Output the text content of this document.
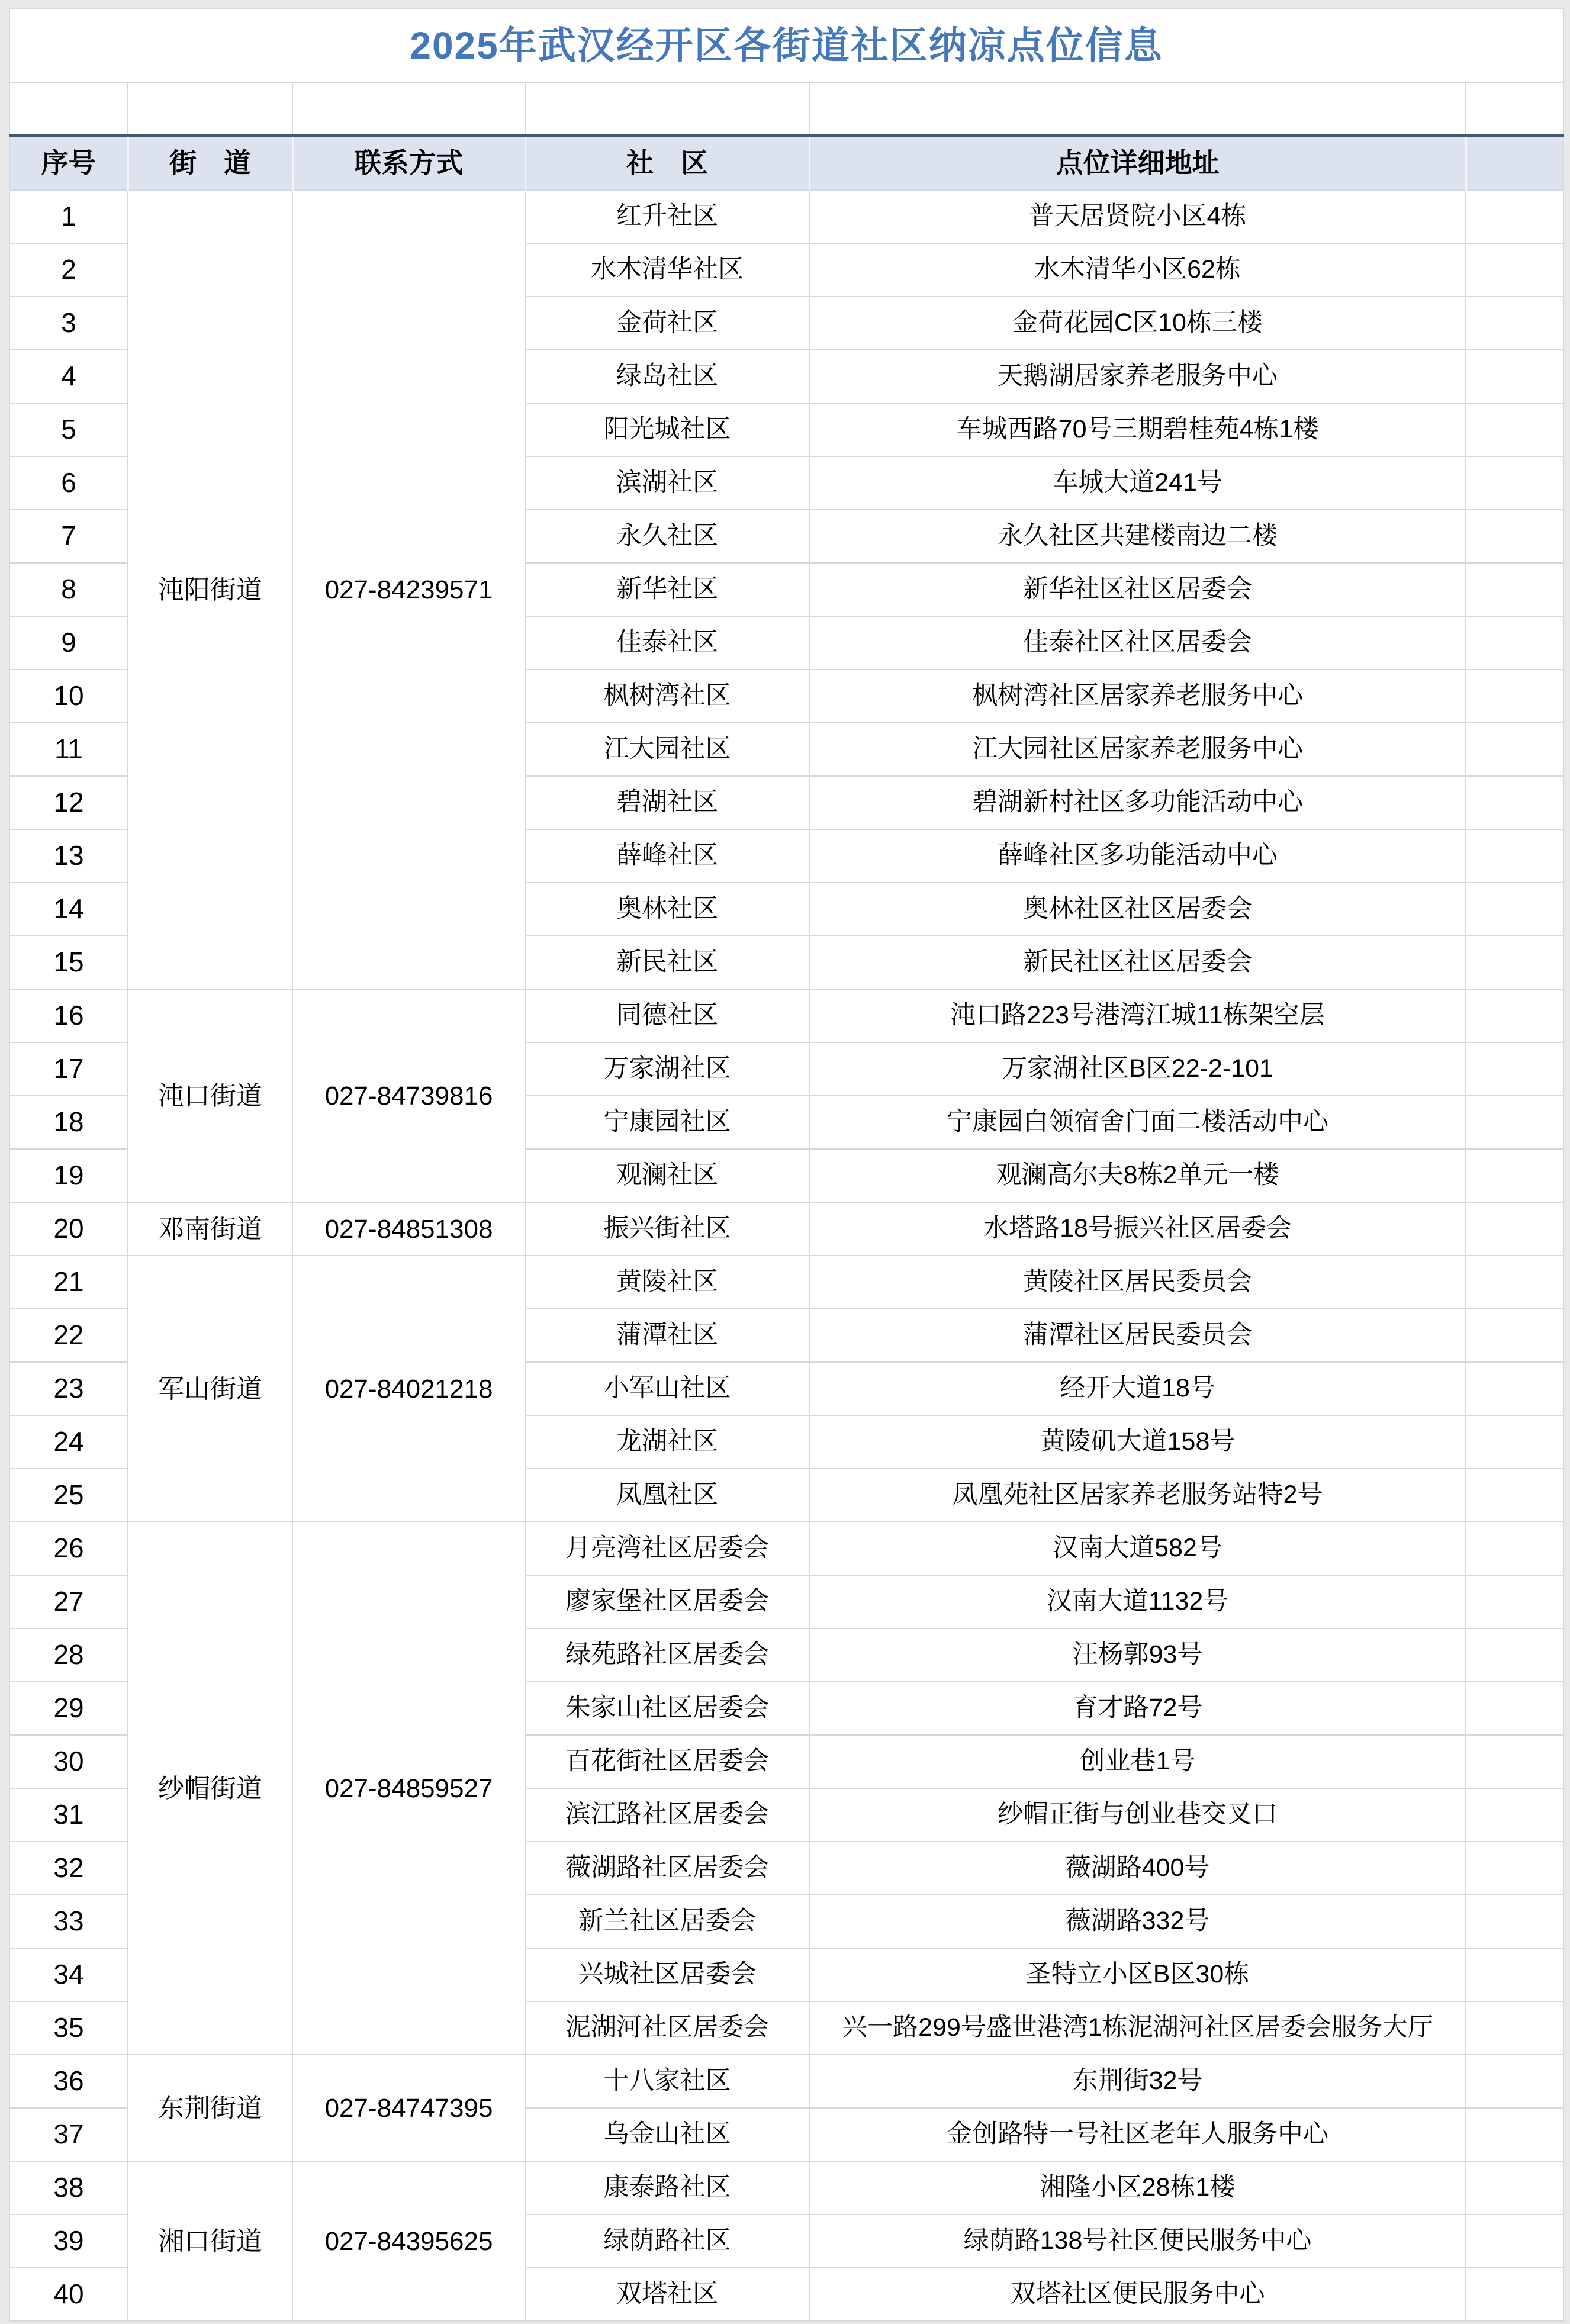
2025年武汉经开区各街道社区纳凉点位信息					

序号	街　道	联系方式	社　区	点位详细地址	
1	沌阳街道	027-84239571	红升社区	普天居贤院小区4栋	
2			水木清华社区	水木清华小区62栋	
3			金荷社区	金荷花园C区10栋三楼	
4			绿岛社区	天鹅湖居家养老服务中心	
5			阳光城社区	车城西路70号三期碧桂苑4栋1楼	
6			滨湖社区	车城大道241号	
7			永久社区	永久社区共建楼南边二楼	
8			新华社区	新华社区社区居委会	
9			佳泰社区	佳泰社区社区居委会	
10			枫树湾社区	枫树湾社区居家养老服务中心	
11			江大园社区	江大园社区居家养老服务中心	
12			碧湖社区	碧湖新村社区多功能活动中心	
13			薛峰社区	薛峰社区多功能活动中心	
14			奥林社区	奥林社区社区居委会	
15			新民社区	新民社区社区居委会	
16	沌口街道	027-84739816	同德社区	沌口路223号港湾江城11栋架空层	
17			万家湖社区	万家湖社区B区22-2-101	
18			宁康园社区	宁康园白领宿舍门面二楼活动中心	
19			观澜社区	观澜高尔夫8栋2单元一楼	
20	邓南街道	027-84851308	振兴街社区	水塔路18号振兴社区居委会	
21	军山街道	027-84021218	黄陵社区	黄陵社区居民委员会	
22			蒲潭社区	蒲潭社区居民委员会	
23			小军山社区	经开大道18号	
24			龙湖社区	黄陵矶大道158号	
25			凤凰社区	凤凰苑社区居家养老服务站特2号	
26	纱帽街道	027-84859527	月亮湾社区居委会	汉南大道582号	
27			廖家堡社区居委会	汉南大道1132号	
28			绿苑路社区居委会	汪杨郭93号	
29			朱家山社区居委会	育才路72号	
30			百花街社区居委会	创业巷1号	
31			滨江路社区居委会	纱帽正街与创业巷交叉口	
32			薇湖路社区居委会	薇湖路400号	
33			新兰社区居委会	薇湖路332号	
34			兴城社区居委会	圣特立小区B区30栋	
35			泥湖河社区居委会	兴一路299号盛世港湾1栋泥湖河社区居委会服务大厅	
36	东荆街道	027-84747395	十八家社区	东荆街32号	
37			乌金山社区	金创路特一号社区老年人服务中心	
38	湘口街道	027-84395625	康泰路社区	湘隆小区28栋1楼	
39			绿荫路社区	绿荫路138号社区便民服务中心	
40			双塔社区	双塔社区便民服务中心	
